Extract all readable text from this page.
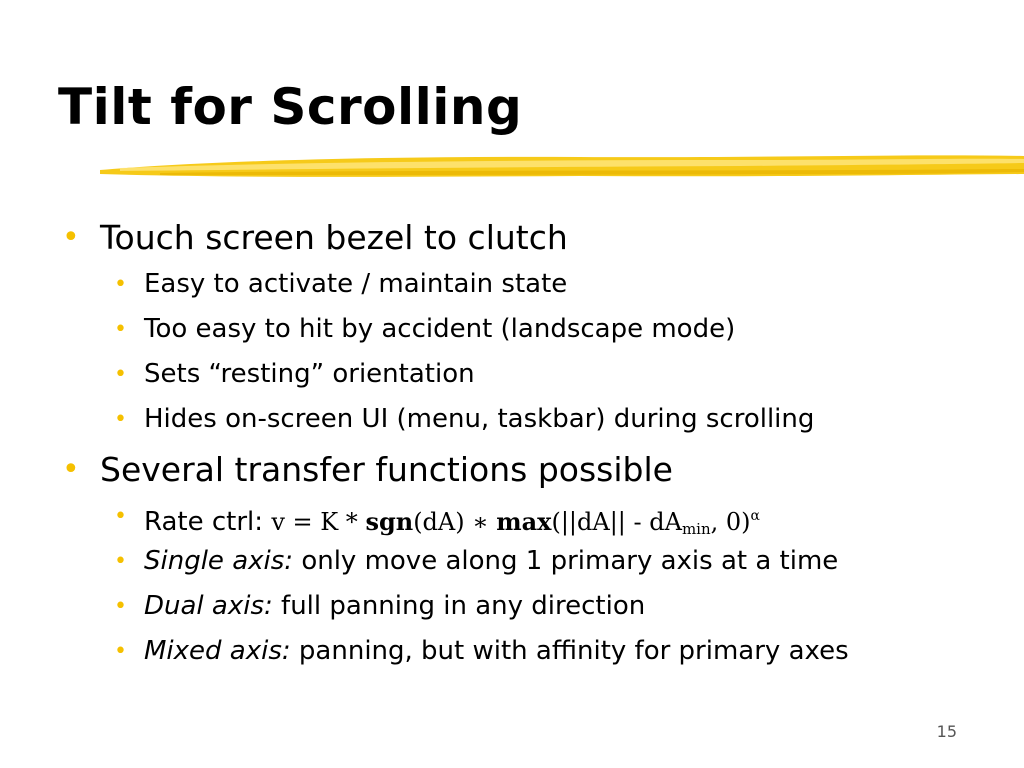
Tilt for Scrolling
• Touch screen bezel to clutch
• Easy to activate / maintain state
• Too easy to hit by accident (landscape mode)
• Sets “resting” orientation
• Hides on-screen UI (menu, taskbar) during scrolling
• Several transfer functions possible
• Rate ctrl: v = K * sgn(dA) ∗ $\max(||dA|| - dA_{min}$, 0)$^\alpha$
• Single axis: only move along 1 primary axis at a time
• Dual axis: full panning in any direction
• Mixed axis: panning, but with affinity for primary axes
15
